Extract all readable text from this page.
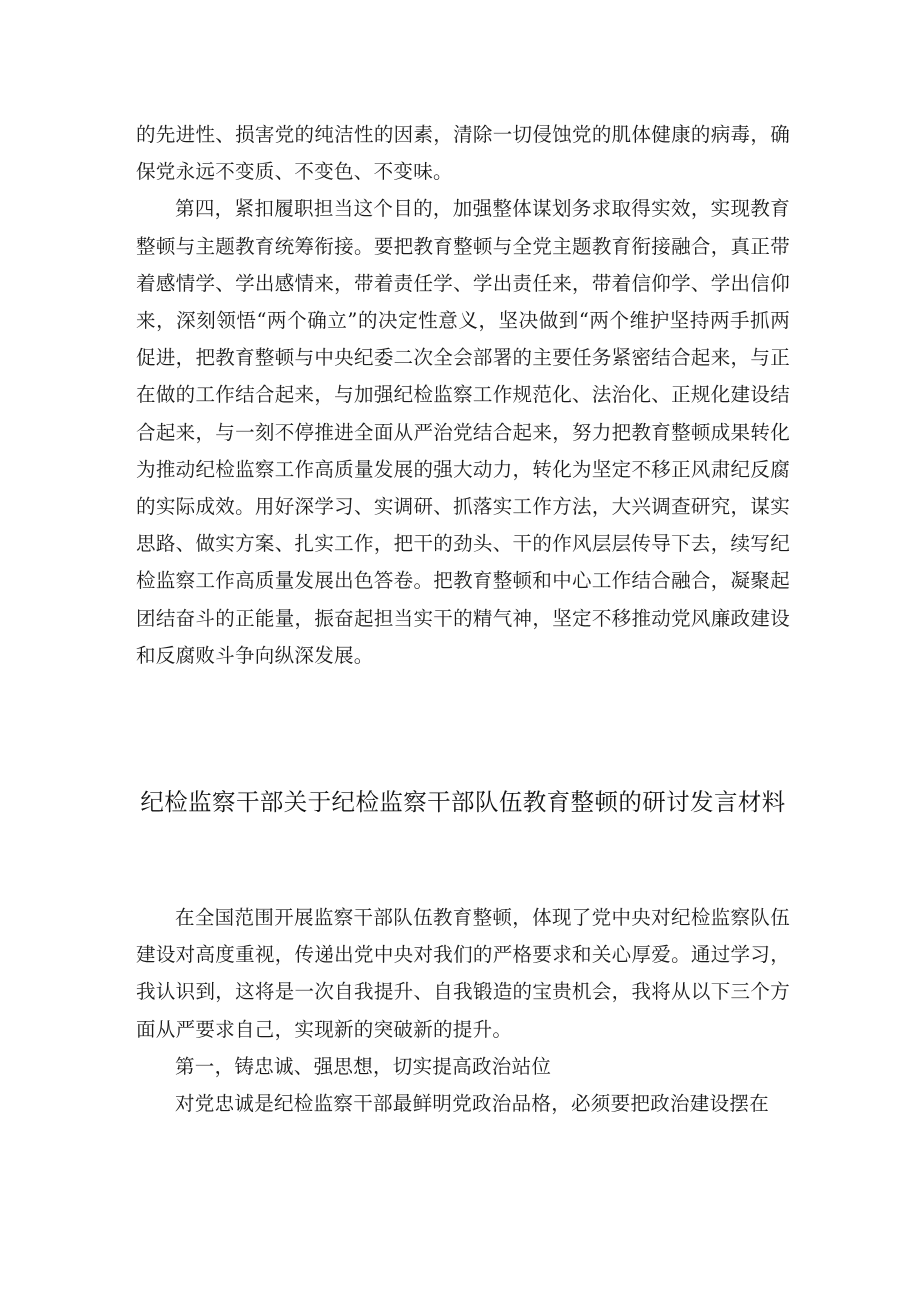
的先进性、损害党的纯洁性的因素，清除一切侵蚀党的肌体健康的病毒，确保党永远不变质、不变色、不变味。

第四，紧扣履职担当这个目的，加强整体谋划务求取得实效，实现教育整顿与主题教育统筹衔接。要把教育整顿与全党主题教育衔接融合，真正带着感情学、学出感情来，带着责任学、学出责任来，带着信仰学、学出信仰来，深刻领悟“两个确立”的决定性意义，坚决做到“两个维护坚持两手抓两促进，把教育整顿与中央纪委二次全会部署的主要任务紧密结合起来，与正在做的工作结合起来，与加强纪检监察工作规范化、法治化、正规化建设结合起来，与一刻不停推进全面从严治党结合起来，努力把教育整顿成果转化为推动纪检监察工作高质量发展的强大动力，转化为坚定不移正风肃纪反腐的实际成效。用好深学习、实调研、抓落实工作方法，大兴调查研究，谋实思路、做实方案、扎实工作，把干的劲头、干的作风层层传导下去，续写纪检监察工作高质量发展出色答卷。把教育整顿和中心工作结合融合，凝聚起团结奋斗的正能量，振奋起担当实干的精气神，坚定不移推动党风廉政建设和反腐败斗争向纵深发展。

纪检监察干部关于纪检监察干部队伍教育整顿的研讨发言材料

在全国范围开展监察干部队伍教育整顿，体现了党中央对纪检监察队伍建设对高度重视，传递出党中央对我们的严格要求和关心厚爱。通过学习，我认识到，这将是一次自我提升、自我锻造的宝贵机会，我将从以下三个方面从严要求自己，实现新的突破新的提升。

第一，铸忠诚、强思想，切实提高政治站位

对党忠诚是纪检监察干部最鲜明党政治品格，必须要把政治建设摆在
